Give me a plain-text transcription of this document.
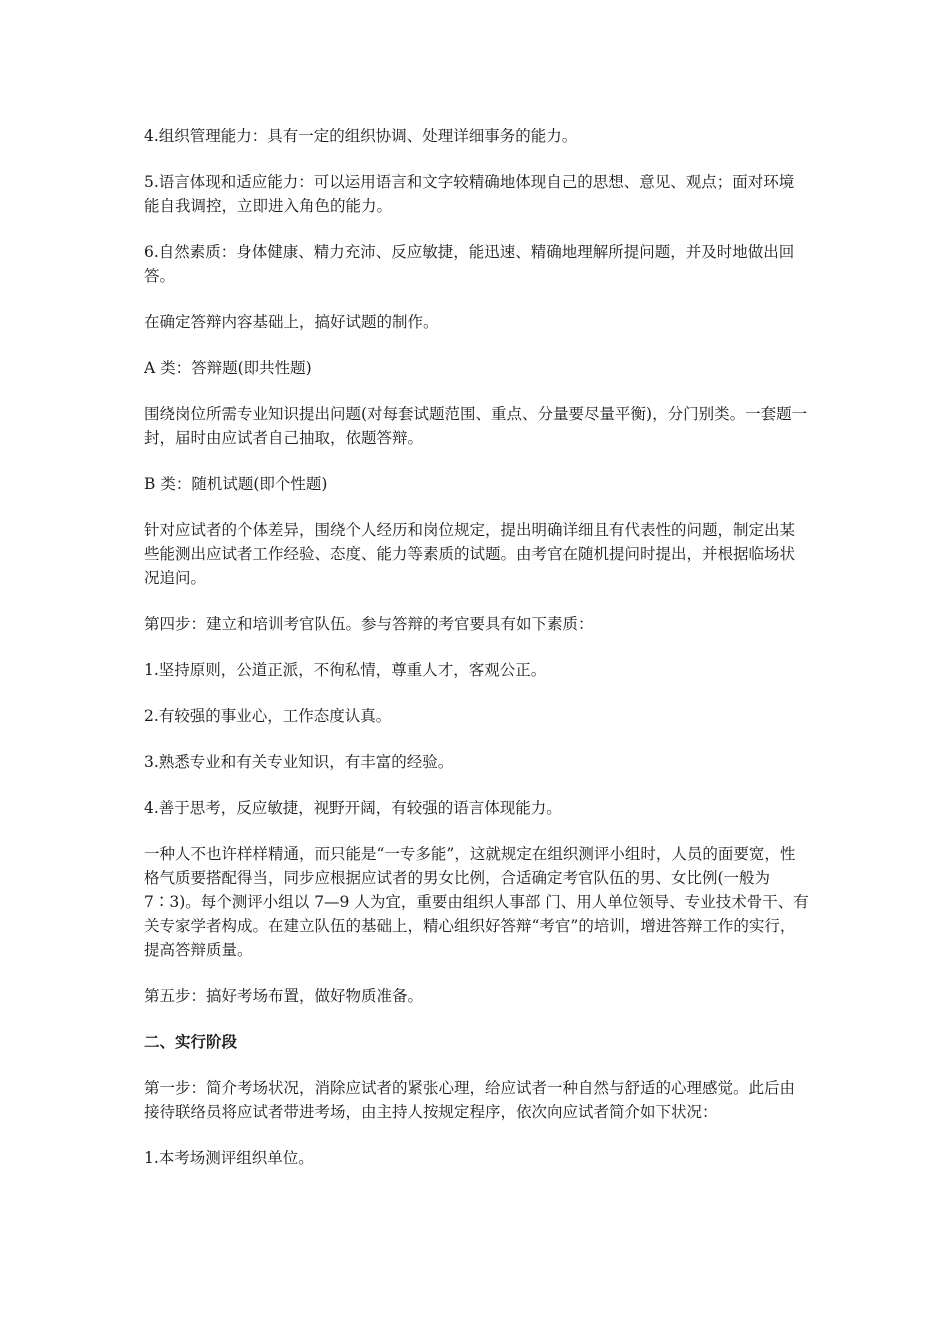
4.组织管理能力：具有一定的组织协调、处理详细事务的能力。

5.语言体现和适应能力：可以运用语言和文字较精确地体现自己的思想、意见、观点；面对环境能自我调控，立即进入角色的能力。

6.自然素质：身体健康、精力充沛、反应敏捷，能迅速、精确地理解所提问题，并及时地做出回答。

在确定答辩内容基础上，搞好试题的制作。

A 类：答辩题(即共性题)

围绕岗位所需专业知识提出问题(对每套试题范围、重点、分量要尽量平衡)，分门别类。一套题一封，届时由应试者自己抽取，依题答辩。

B 类：随机试题(即个性题)

针对应试者的个体差异，围绕个人经历和岗位规定，提出明确详细且有代表性的问题，制定出某些能测出应试者工作经验、态度、能力等素质的试题。由考官在随机提问时提出，并根据临场状况追问。

第四步：建立和培训考官队伍。参与答辩的考官要具有如下素质：

1.坚持原则，公道正派，不徇私情，尊重人才，客观公正。

2.有较强的事业心，工作态度认真。

3.熟悉专业和有关专业知识，有丰富的经验。

4.善于思考，反应敏捷，视野开阔，有较强的语言体现能力。

一种人不也许样样精通，而只能是“一专多能”，这就规定在组织测评小组时，人员的面要宽，性格气质要搭配得当，同步应根据应试者的男女比例，合适确定考官队伍的男、女比例(一般为 7∶3)。每个测评小组以 7—9 人为宜，重要由组织人事部 门、用人单位领导、专业技术骨干、有关专家学者构成。在建立队伍的基础上，精心组织好答辩“考官”的培训，增进答辩工作的实行，提高答辩质量。

第五步：搞好考场布置，做好物质准备。

二、实行阶段

第一步：简介考场状况，消除应试者的紧张心理，给应试者一种自然与舒适的心理感觉。此后由接待联络员将应试者带进考场，由主持人按规定程序，依次向应试者简介如下状况：

1.本考场测评组织单位。
